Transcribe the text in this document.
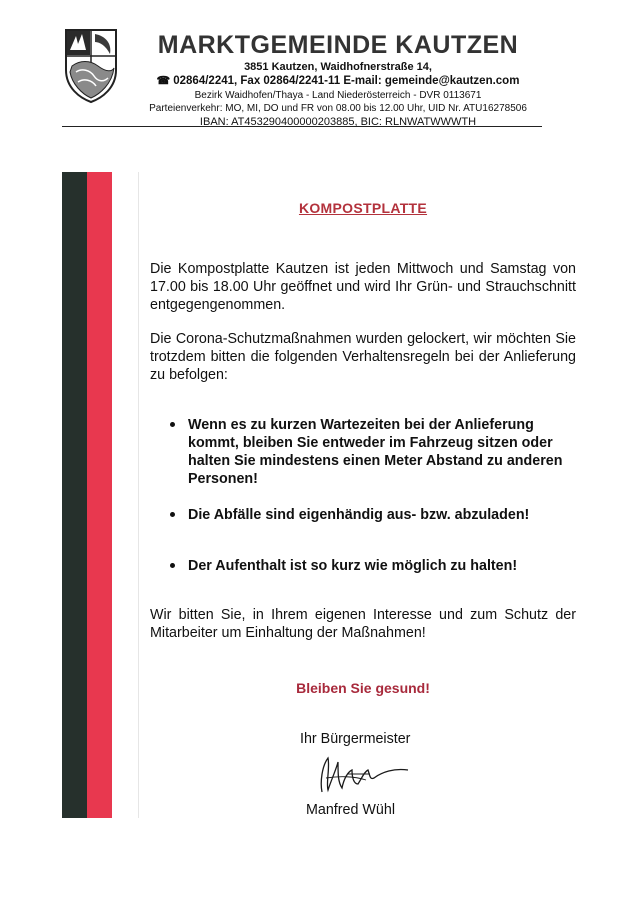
MARKTGEMEINDE KAUTZEN

3851 Kautzen, Waidhofnerstraße 14,

☎ 02864/2241, Fax 02864/2241-11 E-mail: gemeinde@kautzen.com

Bezirk Waidhofen/Thaya - Land Niederösterreich - DVR 0113671

Parteienverkehr: MO, MI, DO und FR von 08.00 bis 12.00 Uhr, UID Nr. ATU16278506

IBAN: AT453290400000203885, BIC: RLNWATWWWTH

KOMPOSTPLATTE

Die Kompostplatte Kautzen ist jeden Mittwoch und Samstag von 17.00 bis 18.00 Uhr geöffnet und wird Ihr Grün- und Strauchschnitt entgegengenommen.

Die Corona-Schutzmaßnahmen wurden gelockert, wir möchten Sie trotzdem bitten die folgenden Verhaltensregeln bei der Anlieferung zu befolgen:

Wenn es zu kurzen Wartezeiten bei der Anlieferung kommt, bleiben Sie entweder im Fahrzeug sitzen oder halten Sie mindestens einen Meter Abstand zu anderen Personen!
Die Abfälle sind eigenhändig aus- bzw. abzuladen!
Der Aufenthalt ist so kurz wie möglich zu halten!

Wir bitten Sie, in Ihrem eigenen Interesse und zum Schutz der Mitarbeiter um Einhaltung der Maßnahmen!

Bleiben Sie gesund!
Ihr Bürgermeister
Manfred Wühl
